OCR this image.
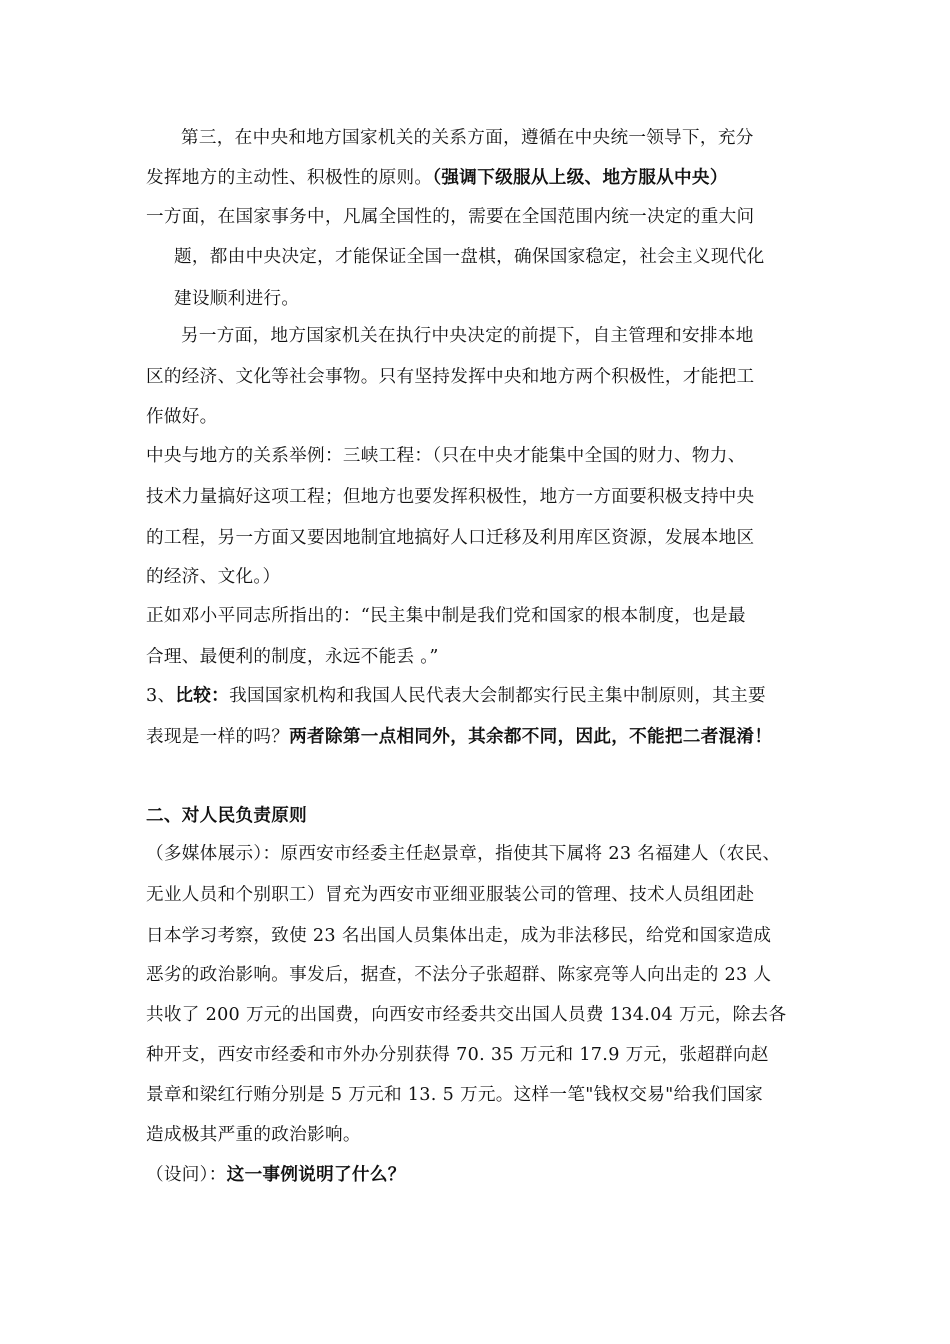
第三，在中央和地方国家机关的关系方面，遵循在中央统一领导下，充分
发挥地方的主动性、积极性的原则。（强调下级服从上级、地方服从中央）
一方面，在国家事务中，凡属全国性的，需要在全国范围内统一决定的重大问
题，都由中央决定，才能保证全国一盘棋，确保国家稳定，社会主义现代化
建设顺利进行。
另一方面，地方国家机关在执行中央决定的前提下，自主管理和安排本地
区的经济、文化等社会事物。只有坚持发挥中央和地方两个积极性，才能把工
作做好。
中央与地方的关系举例：三峡工程：（只在中央才能集中全国的财力、物力、
技术力量搞好这项工程；但地方也要发挥积极性，地方一方面要积极支持中央
的工程，另一方面又要因地制宜地搞好人口迁移及利用库区资源，发展本地区
的经济、文化。）
正如邓小平同志所指出的：“民主集中制是我们党和国家的根本制度，也是最
合理、最便利的制度，永远不能丢 。”
3、比较：我国国家机构和我国人民代表大会制都实行民主集中制原则，其主要
表现是一样的吗？两者除第一点相同外，其余都不同，因此，不能把二者混淆！
二、对人民负责原则
（多媒体展示）：原西安市经委主任赵景章，指使其下属将 23 名福建人（农民、
无业人员和个别职工）冒充为西安市亚细亚服装公司的管理、技术人员组团赴
日本学习考察，致使 23 名出国人员集体出走，成为非法移民，给党和国家造成
恶劣的政治影响。事发后，据查，不法分子张超群、陈家亮等人向出走的 23 人
共收了 200 万元的出国费，向西安市经委共交出国人员费 134.04 万元，除去各
种开支，西安市经委和市外办分别获得 70. 35 万元和 17.9 万元，张超群向赵
景章和梁红行贿分别是 5 万元和 13. 5 万元。这样一笔"钱权交易"给我们国家
造成极其严重的政治影响。
（设问）：这一事例说明了什么？
